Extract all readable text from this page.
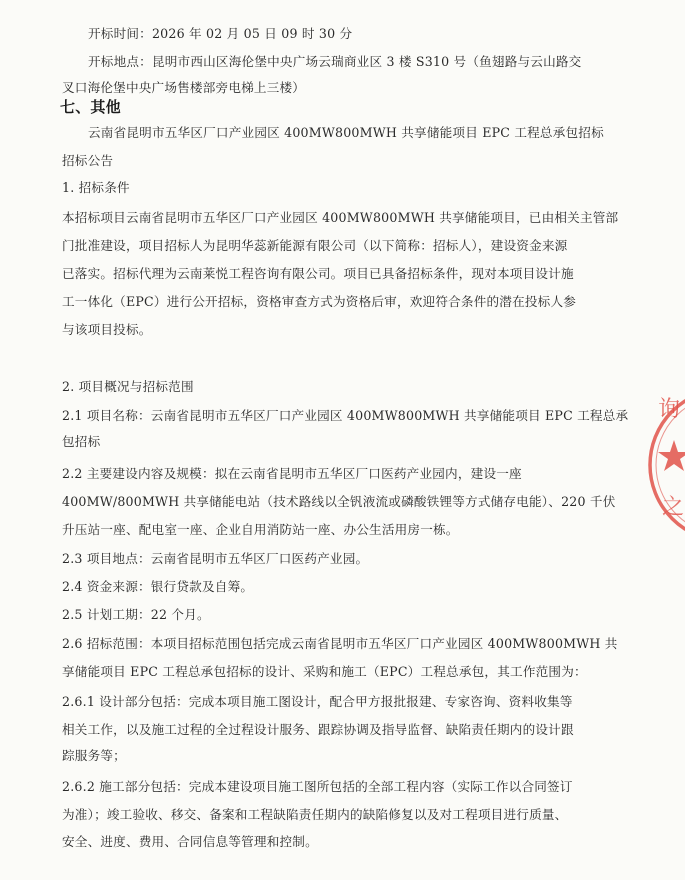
开标时间：2026 年 02 月 05 日 09 时 30 分
开标地点：昆明市西山区海伦堡中央广场云瑞商业区 3 楼 S310 号（鱼翅路与云山路交
叉口海伦堡中央广场售楼部旁电梯上三楼）
七、其他
云南省昆明市五华区厂口产业园区 400MW800MWH 共享储能项目 EPC 工程总承包招标
招标公告
1. 招标条件
本招标项目云南省昆明市五华区厂口产业园区 400MW800MWH 共享储能项目，已由相关主管部
门批准建设，项目招标人为昆明华蕊新能源有限公司（以下简称：招标人），建设资金来源
已落实。招标代理为云南莱悦工程咨询有限公司。项目已具备招标条件，现对本项目设计施
工一体化（EPC）进行公开招标，资格审查方式为资格后审，欢迎符合条件的潜在投标人参
与该项目投标。
2. 项目概况与招标范围
2.1 项目名称：云南省昆明市五华区厂口产业园区 400MW800MWH 共享储能项目 EPC 工程总承
包招标
2.2 主要建设内容及规模：拟在云南省昆明市五华区厂口医药产业园内，建设一座
400MW/800MWH 共享储能电站（技术路线以全钒液流或磷酸铁锂等方式储存电能）、220 千伏
升压站一座、配电室一座、企业自用消防站一座、办公生活用房一栋。
2.3 项目地点：云南省昆明市五华区厂口医药产业园。
2.4 资金来源：银行贷款及自筹。
2.5 计划工期：22 个月。
2.6 招标范围：本项目招标范围包括完成云南省昆明市五华区厂口产业园区 400MW800MWH 共
享储能项目 EPC 工程总承包招标的设计、采购和施工（EPC）工程总承包，其工作范围为：
2.6.1 设计部分包括：完成本项目施工图设计，配合甲方报批报建、专家咨询、资料收集等
相关工作，以及施工过程的全过程设计服务、跟踪协调及指导监督、缺陷责任期内的设计跟
踪服务等；
2.6.2 施工部分包括：完成本建设项目施工图所包括的全部工程内容（实际工作以合同签订
为准）；竣工验收、移交、备案和工程缺陷责任期内的缺陷修复以及对工程项目进行质量、
安全、进度、费用、合同信息等管理和控制。
询
之
